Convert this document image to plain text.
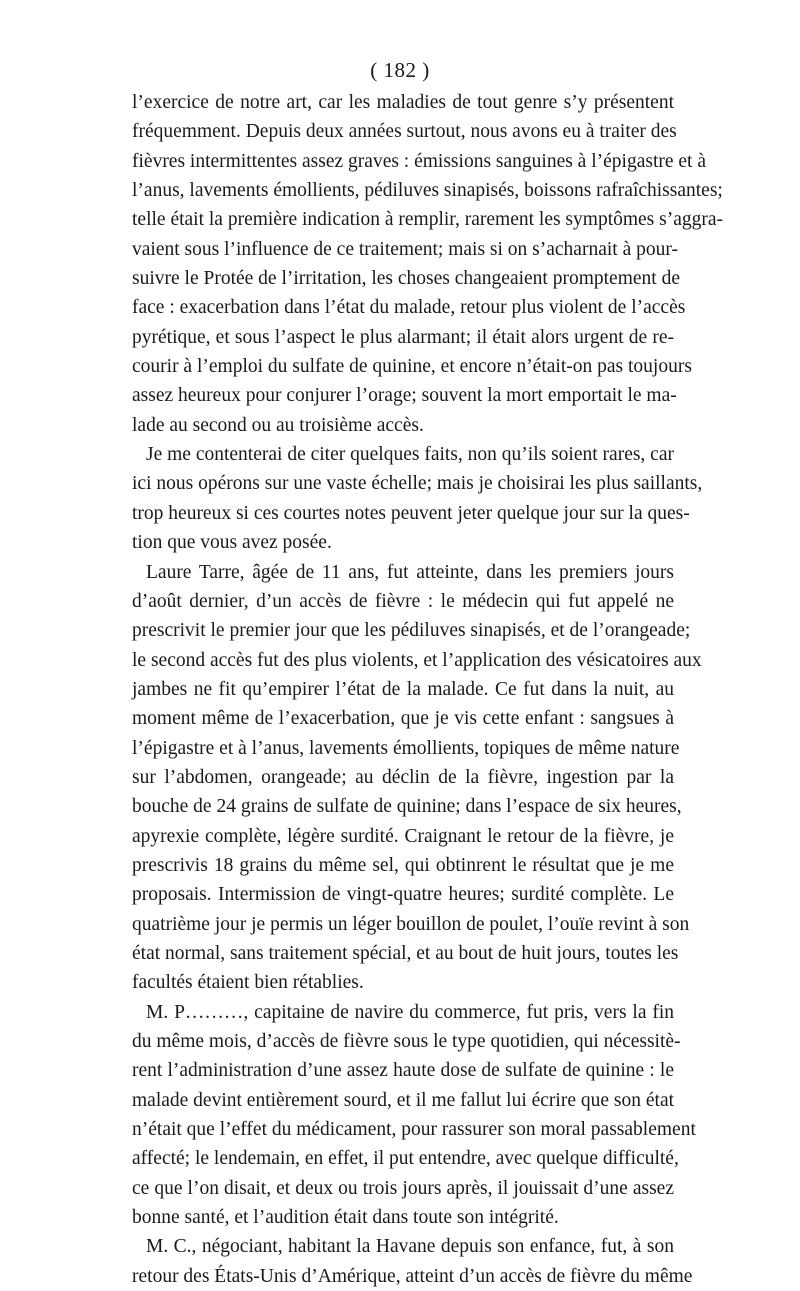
( 182 )
l’exercice de notre art, car les maladies de tout genre s’y présentent
fréquemment. Depuis deux années surtout, nous avons eu à traiter des
fièvres intermittentes assez graves : émissions sanguines à l’épigastre et à
l’anus, lavements émollients, pédiluves sinapisés, boissons rafraîchissantes;
telle était la première indication à remplir, rarement les symptômes s’aggra-
vaient sous l’influence de ce traitement; mais si on s’acharnait à pour-
suivre le Protée de l’irritation, les choses changeaient promptement de
face : exacerbation dans l’état du malade, retour plus violent de l’accès
pyrétique, et sous l’aspect le plus alarmant; il était alors urgent de re-
courir à l’emploi du sulfate de quinine, et encore n’était-on pas toujours
assez heureux pour conjurer l’orage; souvent la mort emportait le ma-
lade au second ou au troisième accès.
Je me contenterai de citer quelques faits, non qu’ils soient rares, car
ici nous opérons sur une vaste échelle; mais je choisirai les plus saillants,
trop heureux si ces courtes notes peuvent jeter quelque jour sur la ques-
tion que vous avez posée.
Laure Tarre, âgée de 11 ans, fut atteinte, dans les premiers jours
d’août dernier, d’un accès de fièvre : le médecin qui fut appelé ne
prescrivit le premier jour que les pédiluves sinapisés, et de l’orangeade;
le second accès fut des plus violents, et l’application des vésicatoires aux
jambes ne fit qu’empirer l’état de la malade. Ce fut dans la nuit, au
moment même de l’exacerbation, que je vis cette enfant : sangsues à
l’épigastre et à l’anus, lavements émollients, topiques de même nature
sur l’abdomen, orangeade; au déclin de la fièvre, ingestion par la
bouche de 24 grains de sulfate de quinine; dans l’espace de six heures,
apyrexie complète, légère surdité. Craignant le retour de la fièvre, je
prescrivis 18 grains du même sel, qui obtinrent le résultat que je me
proposais. Intermission de vingt-quatre heures; surdité complète. Le
quatrième jour je permis un léger bouillon de poulet, l’ouïe revint à son
état normal, sans traitement spécial, et au bout de huit jours, toutes les
facultés étaient bien rétablies.
M. P………, capitaine de navire du commerce, fut pris, vers la fin
du même mois, d’accès de fièvre sous le type quotidien, qui nécessitè-
rent l’administration d’une assez haute dose de sulfate de quinine : le
malade devint entièrement sourd, et il me fallut lui écrire que son état
n’était que l’effet du médicament, pour rassurer son moral passablement
affecté; le lendemain, en effet, il put entendre, avec quelque difficulté,
ce que l’on disait, et deux ou trois jours après, il jouissait d’une assez
bonne santé, et l’audition était dans toute son intégrité.
M. C., négociant, habitant la Havane depuis son enfance, fut, à son
retour des États-Unis d’Amérique, atteint d’un accès de fièvre du même
